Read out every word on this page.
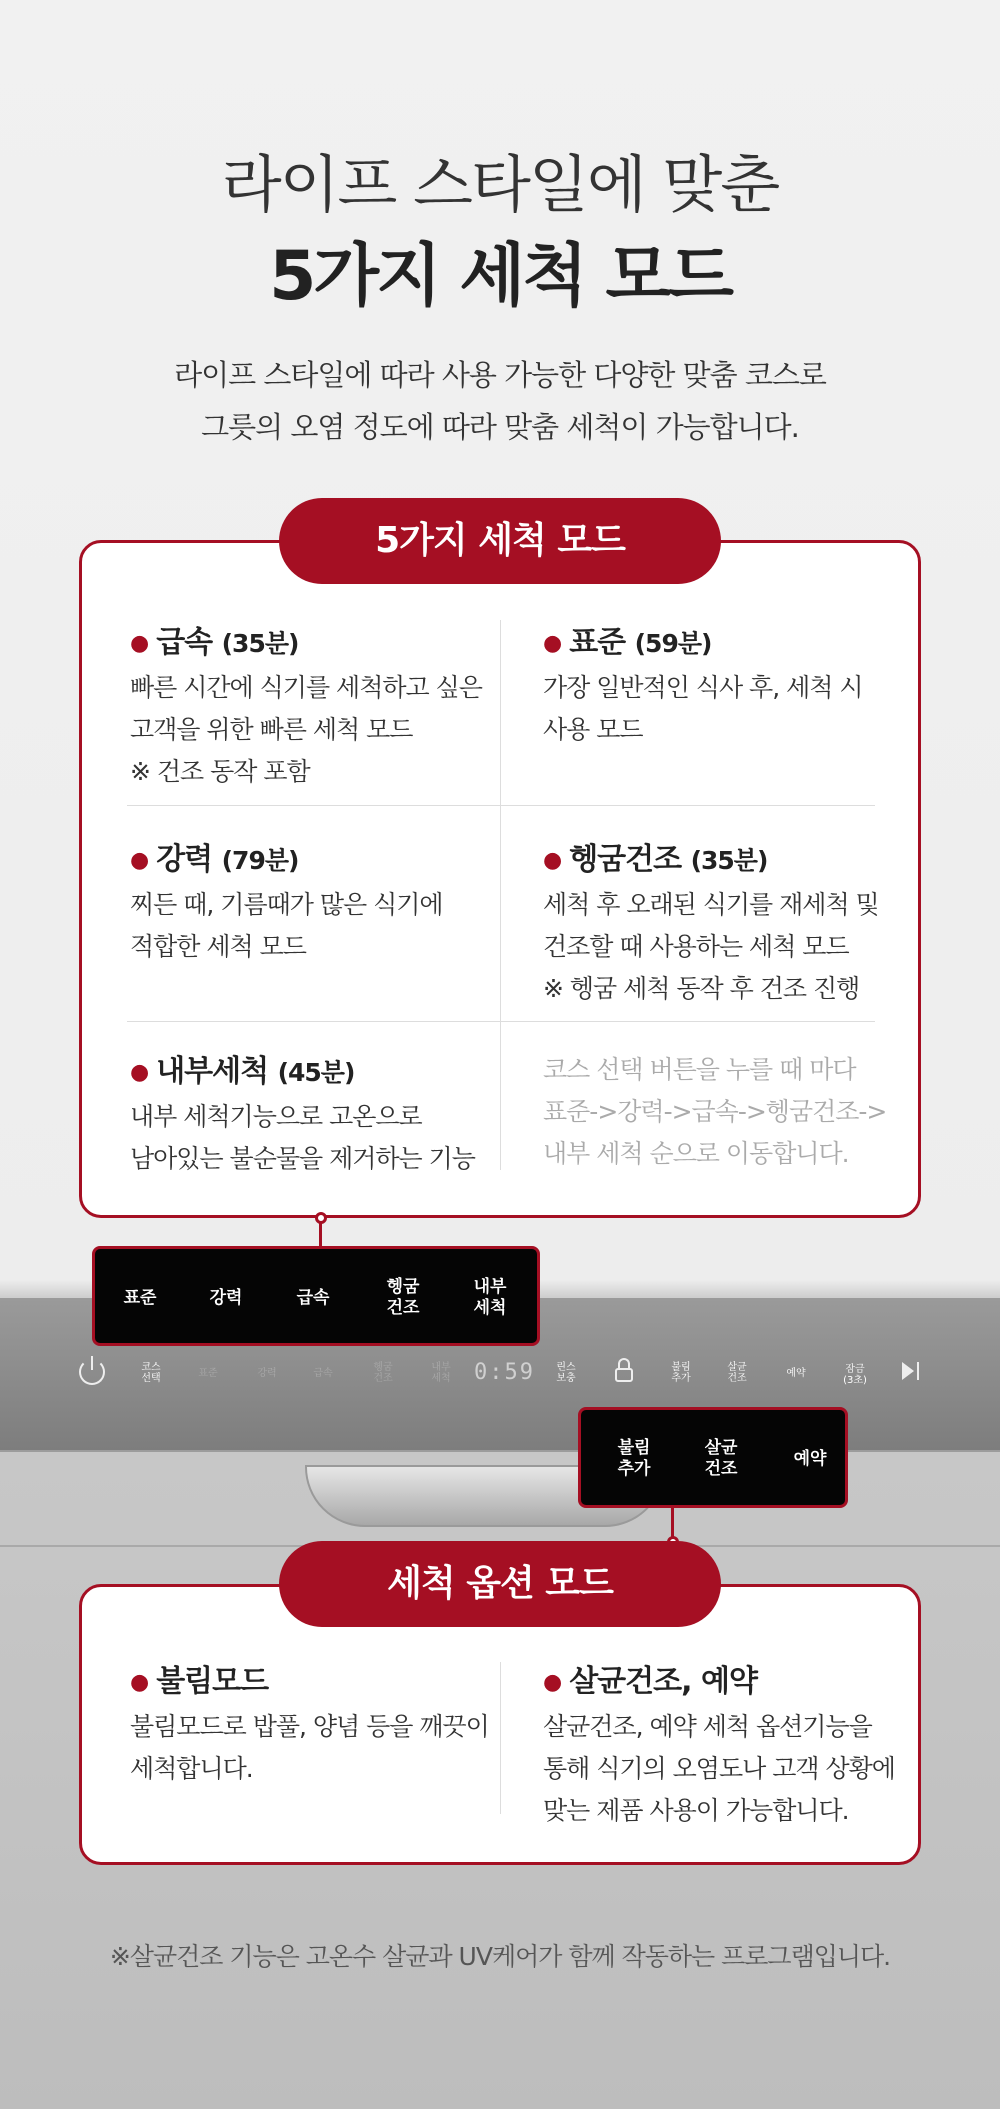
라이프 스타일에 맞춘
5가지 세척 모드
라이프 스타일에 따라 사용 가능한 다양한 맞춤 코스로
그릇의 오염 정도에 따라 맞춤 세척이 가능합니다.
5가지 세척 모드
● 급속 (35분)
빠른 시간에 식기를 세척하고 싶은
고객을 위한 빠른 세척 모드
※ 건조 동작 포함
● 표준 (59분)
가장 일반적인 식사 후, 세척 시
사용 모드
● 강력 (79분)
찌든 때, 기름때가 많은 식기에
적합한 세척 모드
● 헹굼건조 (35분)
세척 후 오래된 식기를 재세척 및
건조할 때 사용하는 세척 모드
※ 헹굼 세척 동작 후 건조 진행
● 내부세척 (45분)
내부 세척기능으로 고온으로
남아있는 불순물을 제거하는 기능
코스 선택 버튼을 누를 때 마다
표준->강력->급속->헹굼건조->
내부 세척 순으로 이동합니다.
코스
선택	표준	강력	급속
헹굼
건조
내부
세척	0:59	린스
보충
불림
추가
살균
건조	예약	잠금
(3초)
표준	강력	급속
헹굼
건조
내부
세척
불림
추가
살균
건조	예약
세척 옵션 모드
● 불림모드
불림모드로 밥풀, 양념 등을 깨끗이
세척합니다.
● 살균건조, 예약
살균건조, 예약 세척 옵션기능을
통해 식기의 오염도나 고객 상황에
맞는 제품 사용이 가능합니다.
※살균건조 기능은 고온수 살균과 UV케어가 함께 작동하는 프로그램입니다.
